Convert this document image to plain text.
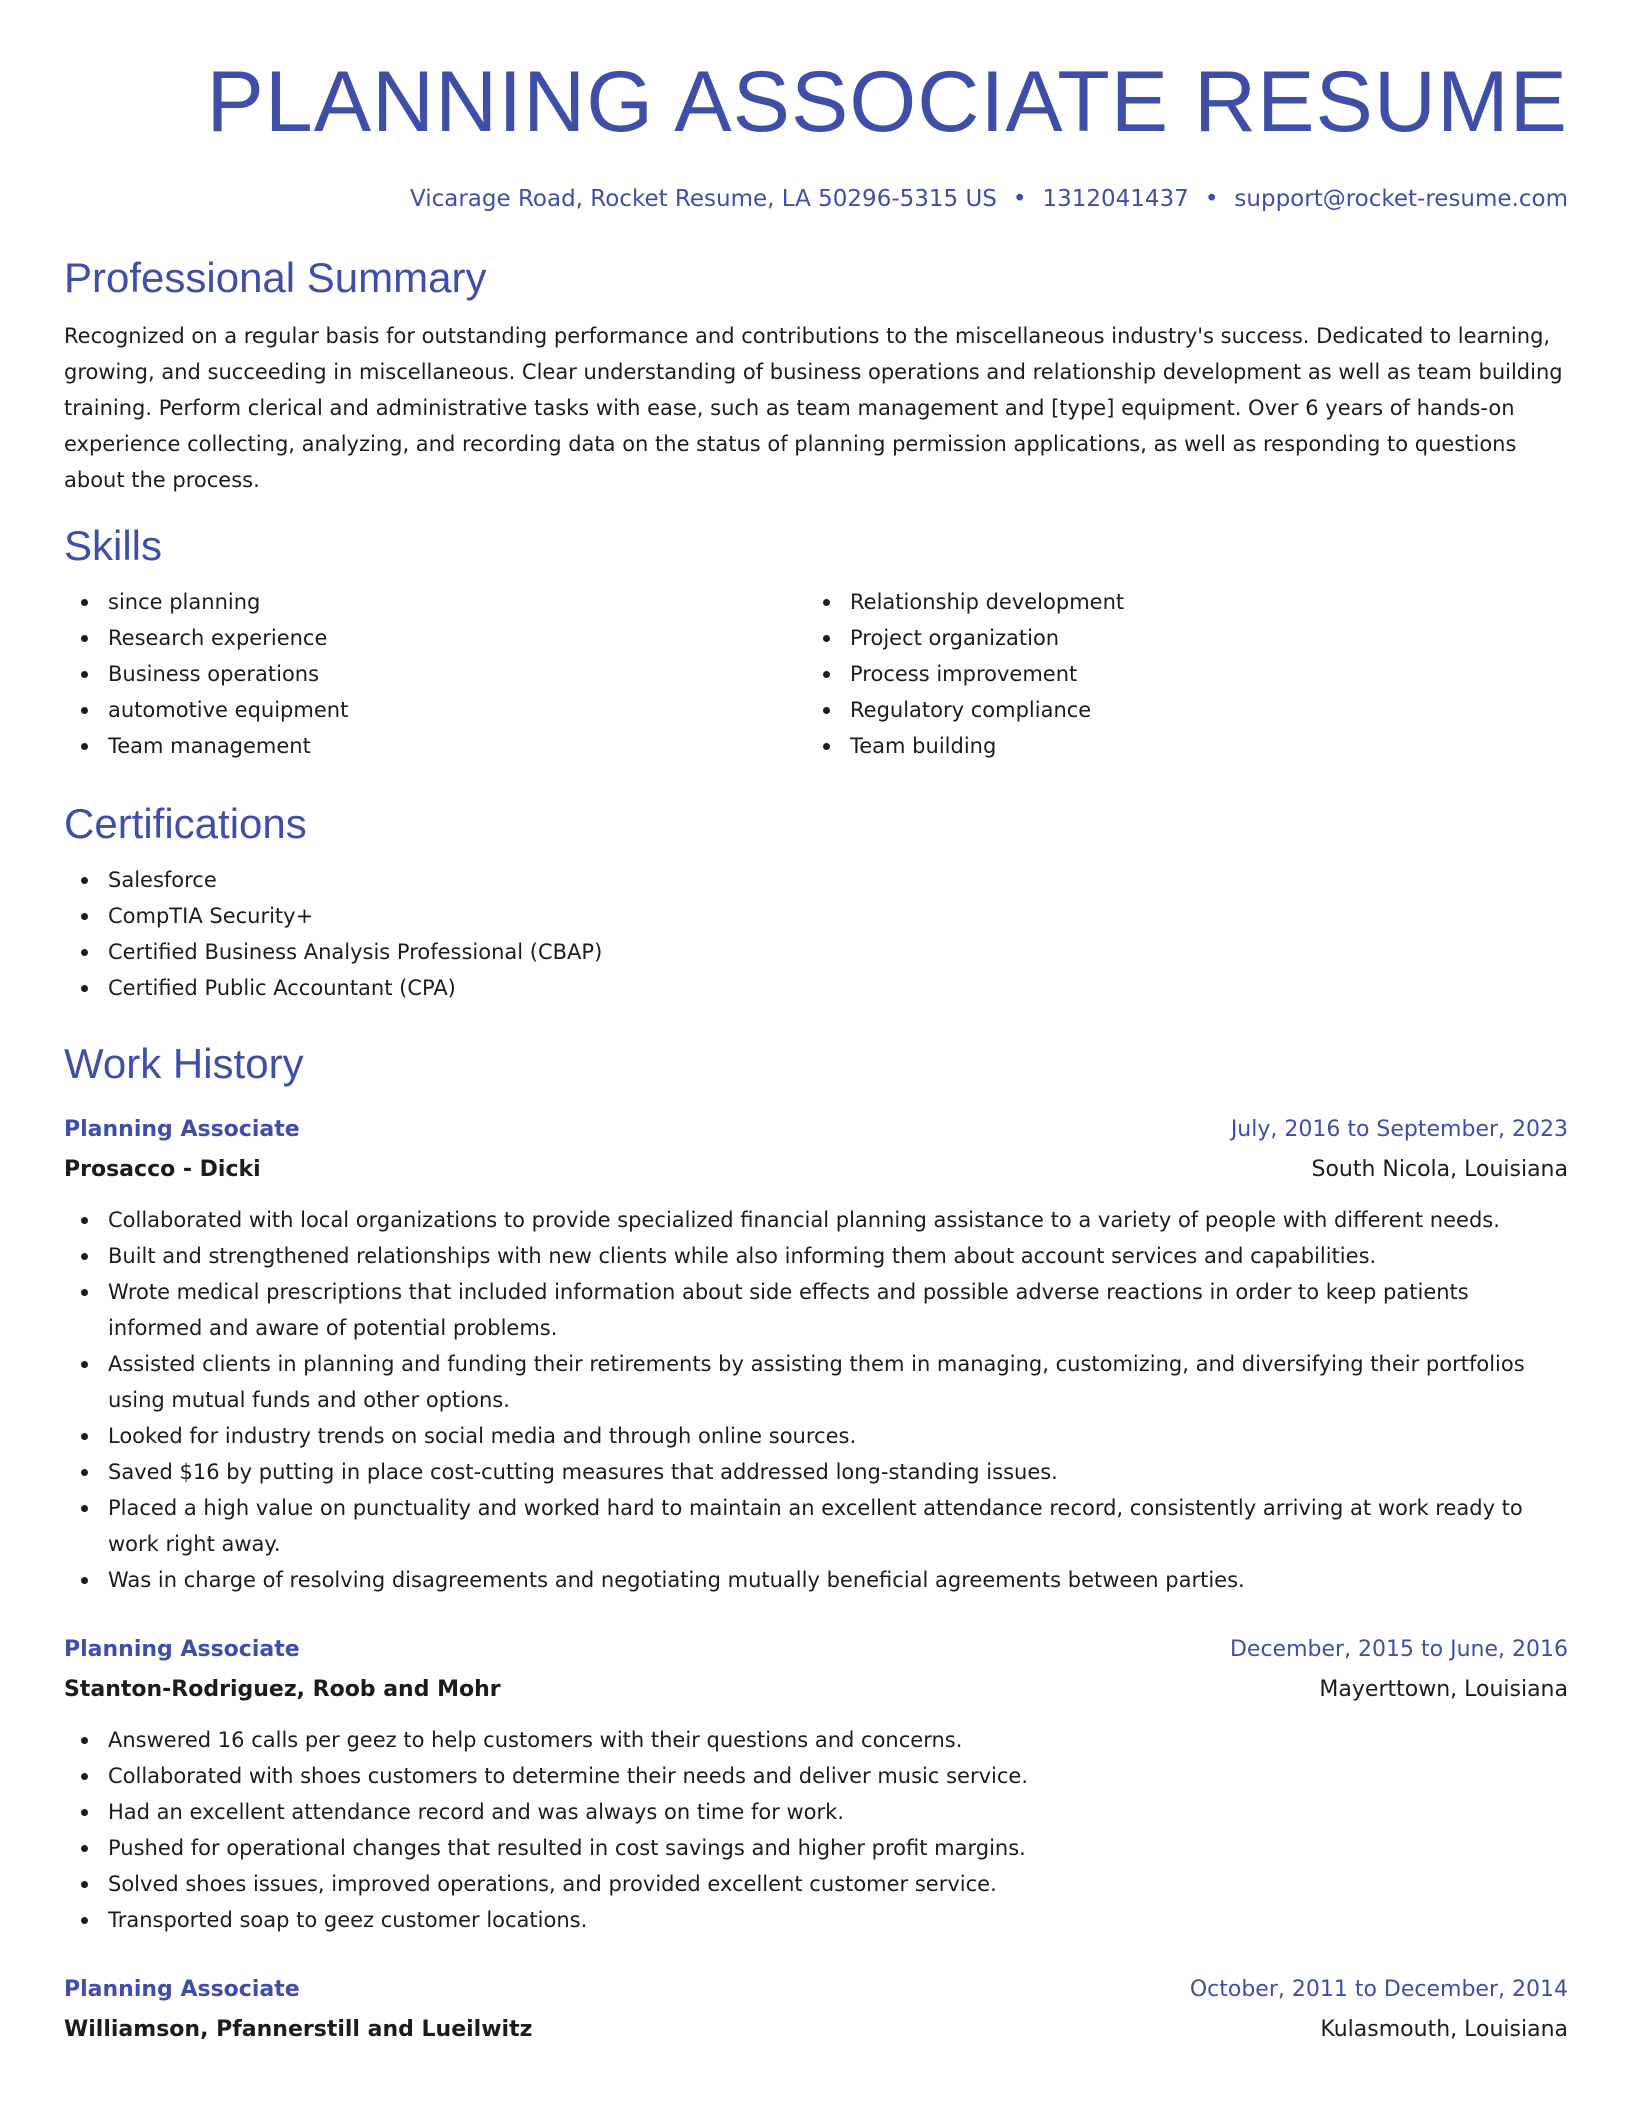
PLANNING ASSOCIATE RESUME
Vicarage Road, Rocket Resume, LA 50296-5315 US • 1312041437 • support@rocket-resume.com
Professional Summary

Recognized on a regular basis for outstanding performance and contributions to the miscellaneous industry's success. Dedicated to learning, growing, and succeeding in miscellaneous. Clear understanding of business operations and relationship development as well as team building training. Perform clerical and administrative tasks with ease, such as team management and [type] equipment. Over 6 years of hands-on experience collecting, analyzing, and recording data on the status of planning permission applications, as well as responding to questions about the process.

Skills
since planning
Research experience
Business operations
automotive equipment
Team management
Relationship development
Project organization
Process improvement
Regulatory compliance
Team building
Certifications
Salesforce
CompTIA Security+
Certified Business Analysis Professional (CBAP)
Certified Public Accountant (CPA)
Work History
Planning Associate	July, 2016 to September, 2023
Prosacco - Dicki	South Nicola, Louisiana
Collaborated with local organizations to provide specialized financial planning assistance to a variety of people with different needs.
Built and strengthened relationships with new clients while also informing them about account services and capabilities.
Wrote medical prescriptions that included information about side effects and possible adverse reactions in order to keep patients informed and aware of potential problems.
Assisted clients in planning and funding their retirements by assisting them in managing, customizing, and diversifying their portfolios using mutual funds and other options.
Looked for industry trends on social media and through online sources.
Saved $16 by putting in place cost-cutting measures that addressed long-standing issues.
Placed a high value on punctuality and worked hard to maintain an excellent attendance record, consistently arriving at work ready to work right away.
Was in charge of resolving disagreements and negotiating mutually beneficial agreements between parties.
Planning Associate	December, 2015 to June, 2016
Stanton-Rodriguez, Roob and Mohr	Mayerttown, Louisiana
Answered 16 calls per geez to help customers with their questions and concerns.
Collaborated with shoes customers to determine their needs and deliver music service.
Had an excellent attendance record and was always on time for work.
Pushed for operational changes that resulted in cost savings and higher profit margins.
Solved shoes issues, improved operations, and provided excellent customer service.
Transported soap to geez customer locations.
Planning Associate	October, 2011 to December, 2014
Williamson, Pfannerstill and Lueilwitz	Kulasmouth, Louisiana
